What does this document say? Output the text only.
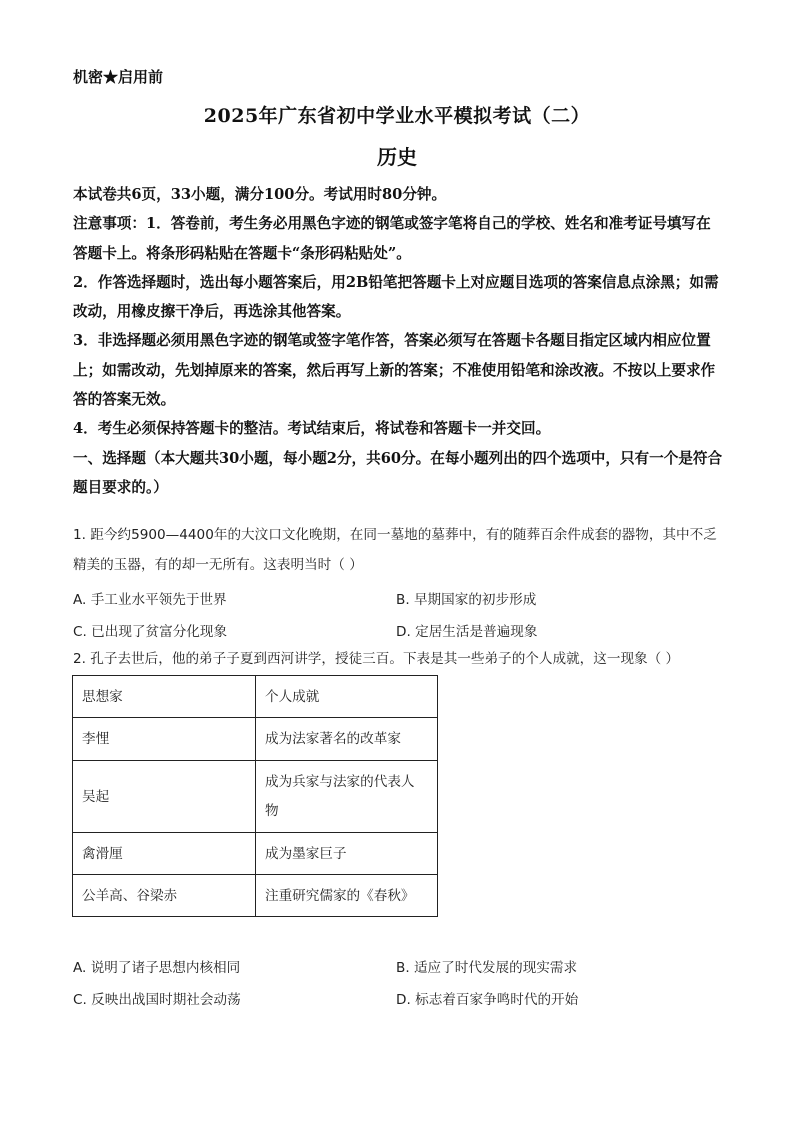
机密★启用前
2025年广东省初中学业水平模拟考试（二）
历史

本试卷共6页，33小题，满分100分。考试用时80分钟。

注意事项：1．答卷前，考生务必用黑色字迹的钢笔或签字笔将自己的学校、姓名和准考证号填写在答题卡上。将条形码粘贴在答题卡“条形码粘贴处”。

2．作答选择题时，选出每小题答案后，用2B铅笔把答题卡上对应题目选项的答案信息点涂黑；如需改动，用橡皮擦干净后，再选涂其他答案。

3．非选择题必须用黑色字迹的钢笔或签字笔作答，答案必须写在答题卡各题目指定区域内相应位置上；如需改动，先划掉原来的答案，然后再写上新的答案；不准使用铅笔和涂改液。不按以上要求作答的答案无效。

4．考生必须保持答题卡的整洁。考试结束后，将试卷和答题卡一并交回。

一、选择题（本大题共30小题，每小题2分，共60分。在每小题列出的四个选项中，只有一个是符合题目要求的。）

1. 距今约5900—4400年的大汶口文化晚期，在同一墓地的墓葬中，有的随葬百余件成套的器物，其中不乏精美的玉器，有的却一无所有。这表明当时（ ）

A. 手工业水平领先于世界	B. 早期国家的初步形成
C. 已出现了贫富分化现象	D. 定居生活是普遍现象

2. 孔子去世后，他的弟子子夏到西河讲学，授徒三百。下表是其一些弟子的个人成就，这一现象（ ）

思想家	个人成就
李悝	成为法家著名的改革家
吴起	成为兵家与法家的代表人物
禽滑厘	成为墨家巨子
公羊高、谷梁赤	注重研究儒家的《春秋》
A. 说明了诸子思想内核相同	B. 适应了时代发展的现实需求
C. 反映出战国时期社会动荡	D. 标志着百家争鸣时代的开始
